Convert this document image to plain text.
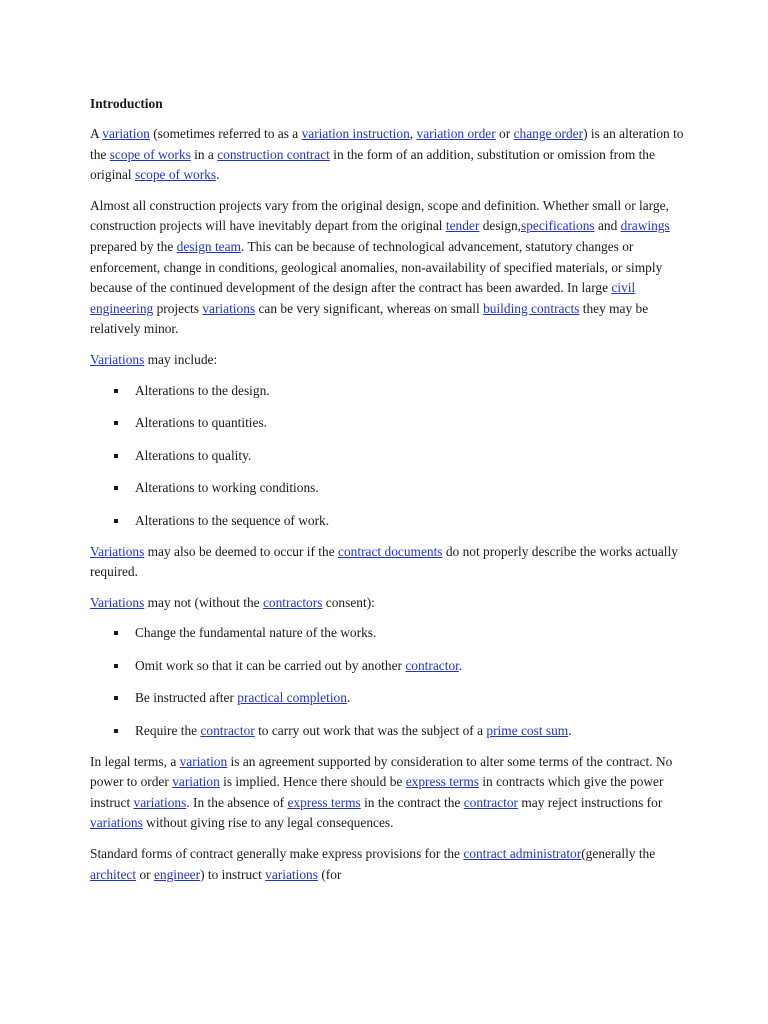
Introduction

A variation (sometimes referred to as a variation instruction, variation order or change order) is an alteration to the scope of works in a construction contract in the form of an addition, substitution or omission from the original scope of works.

Almost all construction projects vary from the original design, scope and definition. Whether small or large, construction projects will have inevitably depart from the original tender design,specifications and drawings prepared by the design team. This can be because of technological advancement, statutory changes or enforcement, change in conditions, geological anomalies, non-availability of specified materials, or simply because of the continued development of the design after the contract has been awarded. In large civil engineering projects variations can be very significant, whereas on small building contracts they may be relatively minor.

Variations may include:

Alterations to the design.
Alterations to quantities.
Alterations to quality.
Alterations to working conditions.
Alterations to the sequence of work.

Variations may also be deemed to occur if the contract documents do not properly describe the works actually required.

Variations may not (without the contractors consent):

Change the fundamental nature of the works.
Omit work so that it can be carried out by another contractor.
Be instructed after practical completion.
Require the contractor to carry out work that was the subject of a prime cost sum.

In legal terms, a variation is an agreement supported by consideration to alter some terms of the contract. No power to order variation is implied. Hence there should be express terms in contracts which give the power instruct variations. In the absence of express terms in the contract the contractor may reject instructions for variations without giving rise to any legal consequences.

Standard forms of contract generally make express provisions for the contract administrator(generally the architect or engineer) to instruct variations (for
